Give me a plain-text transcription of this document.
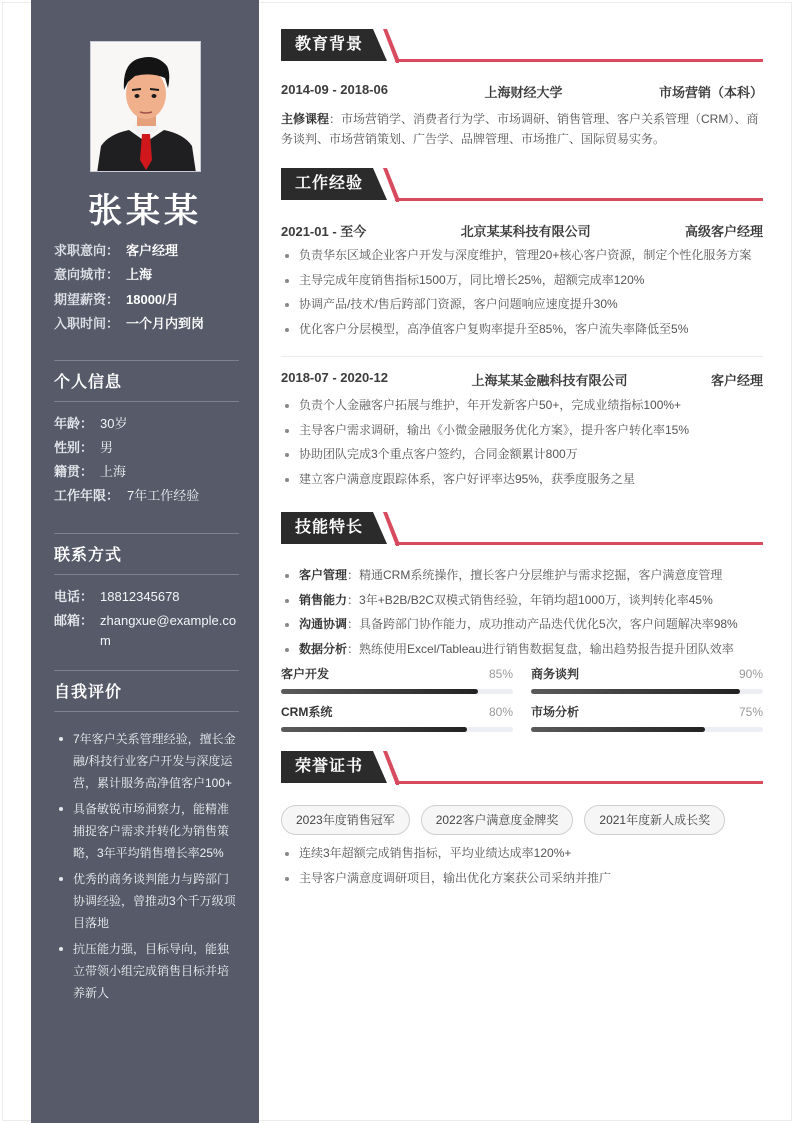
张某某
求职意向： 客户经理
意向城市： 上海
期望薪资： 18000/月
入职时间： 一个月内到岗
个人信息
年龄： 30岁
性别： 男
籍贯： 上海
工作年限： 7年工作经验
联系方式
电话： 18812345678
邮箱： zhangxue@example.com
自我评价
7年客户关系管理经验，擅长金融/科技行业客户开发与深度运营，累计服务高净值客户100+
具备敏锐市场洞察力，能精准捕捉客户需求并转化为销售策略，3年平均销售增长率25%
优秀的商务谈判能力与跨部门协调经验，曾推动3个千万级项目落地
抗压能力强，目标导向，能独立带领小组完成销售目标并培养新人
教育背景
2014-09 - 2018-06	上海财经大学	市场营销（本科）
主修课程：市场营销学、消费者行为学、市场调研、销售管理、客户关系管理（CRM）、商务谈判、市场营销策划、广告学、品牌管理、市场推广、国际贸易实务。
工作经验
2021-01 - 至今	北京某某科技有限公司	高级客户经理
负责华东区域企业客户开发与深度维护，管理20+核心客户资源，制定个性化服务方案
主导完成年度销售指标1500万，同比增长25%，超额完成率120%
协调产品/技术/售后跨部门资源，客户问题响应速度提升30%
优化客户分层模型，高净值客户复购率提升至85%，客户流失率降低至5%
2018-07 - 2020-12	上海某某金融科技有限公司	客户经理
负责个人金融客户拓展与维护，年开发新客户50+，完成业绩指标100%+
主导客户需求调研，输出《小微金融服务优化方案》，提升客户转化率15%
协助团队完成3个重点客户签约，合同金额累计800万
建立客户满意度跟踪体系，客户好评率达95%，获季度服务之星
技能特长
客户管理：精通CRM系统操作，擅长客户分层维护与需求挖掘，客户满意度管理
销售能力：3年+B2B/B2C双模式销售经验，年销均超1000万，谈判转化率45%
沟通协调：具备跨部门协作能力，成功推动产品迭代优化5次，客户问题解决率98%
数据分析：熟练使用Excel/Tableau进行销售数据复盘，输出趋势报告提升团队效率
客户开发	85% 商务谈判	90%
CRM系统	80% 市场分析	75%
荣誉证书
2023年度销售冠军	2022客户满意度金牌奖	2021年度新人成长奖
连续3年超额完成销售指标，平均业绩达成率120%+
主导客户满意度调研项目，输出优化方案获公司采纳并推广
